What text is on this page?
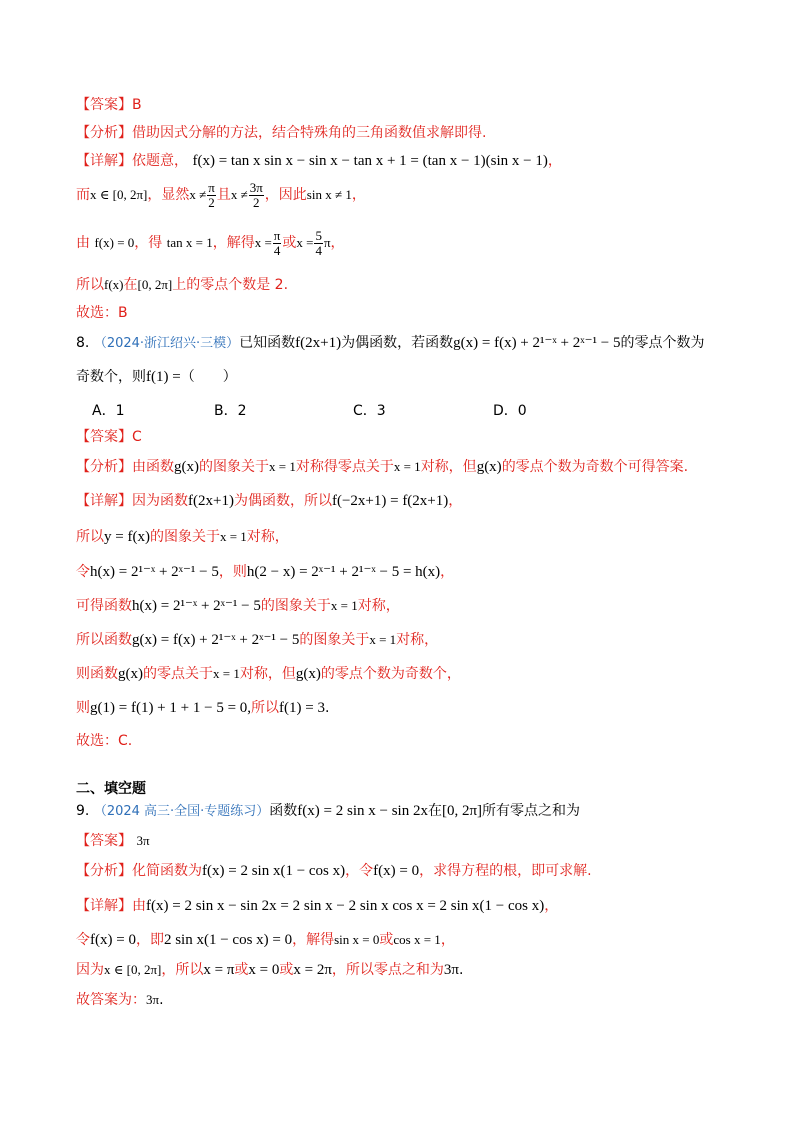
【答案】B
【分析】借助因式分解的方法，结合特殊角的三角函数值求解即得.
【详解】依题意， f(x) = tan x sin x − sin x − tan x + 1 = (tan x − 1)(sin x − 1)，
而x ∈ [0, 2π]，显然$x \ne \frac{\pi}{2}$ 且$x \ne \frac{3\pi}{2}$ ，因此sin x ≠ 1，
由 f(x) = 0，得 tan x = 1，解得$x = \frac{\pi}{4}$ 或$x = \frac{5}{4}$ π，
所以f(x)在[0, 2π]上的零点个数是 2.
故选：B
8. （2024·浙江绍兴·三模）已知函数f(2x+1)为偶函数，若函数g(x) = f(x) + 2¹⁻ˣ + 2ˣ⁻¹ − 5的零点个数为
奇数个，则f(1) =（　　）
A．1	B．2	C．3	D．0
【答案】C
【分析】由函数g(x)的图象关于x = 1对称得零点关于x = 1对称，但g(x)的零点个数为奇数个可得答案.
【详解】因为函数f(2x+1)为偶函数，所以f(−2x+1) = f(2x+1)，
所以y = f(x)的图象关于x = 1对称，
令h(x) = 2¹⁻ˣ + 2ˣ⁻¹ − 5，则h(2 − x) = 2ˣ⁻¹ + 2¹⁻ˣ − 5 = h(x)，
可得函数h(x) = 2¹⁻ˣ + 2ˣ⁻¹ − 5的图象关于x = 1对称，
所以函数g(x) = f(x) + 2¹⁻ˣ + 2ˣ⁻¹ − 5的图象关于x = 1对称，
则函数g(x)的零点关于x = 1对称，但g(x)的零点个数为奇数个，
则g(1) = f(1) + 1 + 1 − 5 = 0,所以f(1) = 3.
故选：C.
二、填空题
9. （2024 高三·全国·专题练习）函数f(x) = 2 sin x − sin 2x在[0, 2π]所有零点之和为
【答案】 3π
【分析】化简函数为f(x) = 2 sin x(1 − cos x)，令f(x) = 0，求得方程的根，即可求解.
【详解】由f(x) = 2 sin x − sin 2x = 2 sin x − 2 sin x cos x = 2 sin x(1 − cos x)，
令f(x) = 0，即2 sin x(1 − cos x) = 0，解得sin x = 0或cos x = 1，
因为x ∈ [0, 2π]，所以x = π或x = 0或x = 2π，所以零点之和为3π.
故答案为：3π.
